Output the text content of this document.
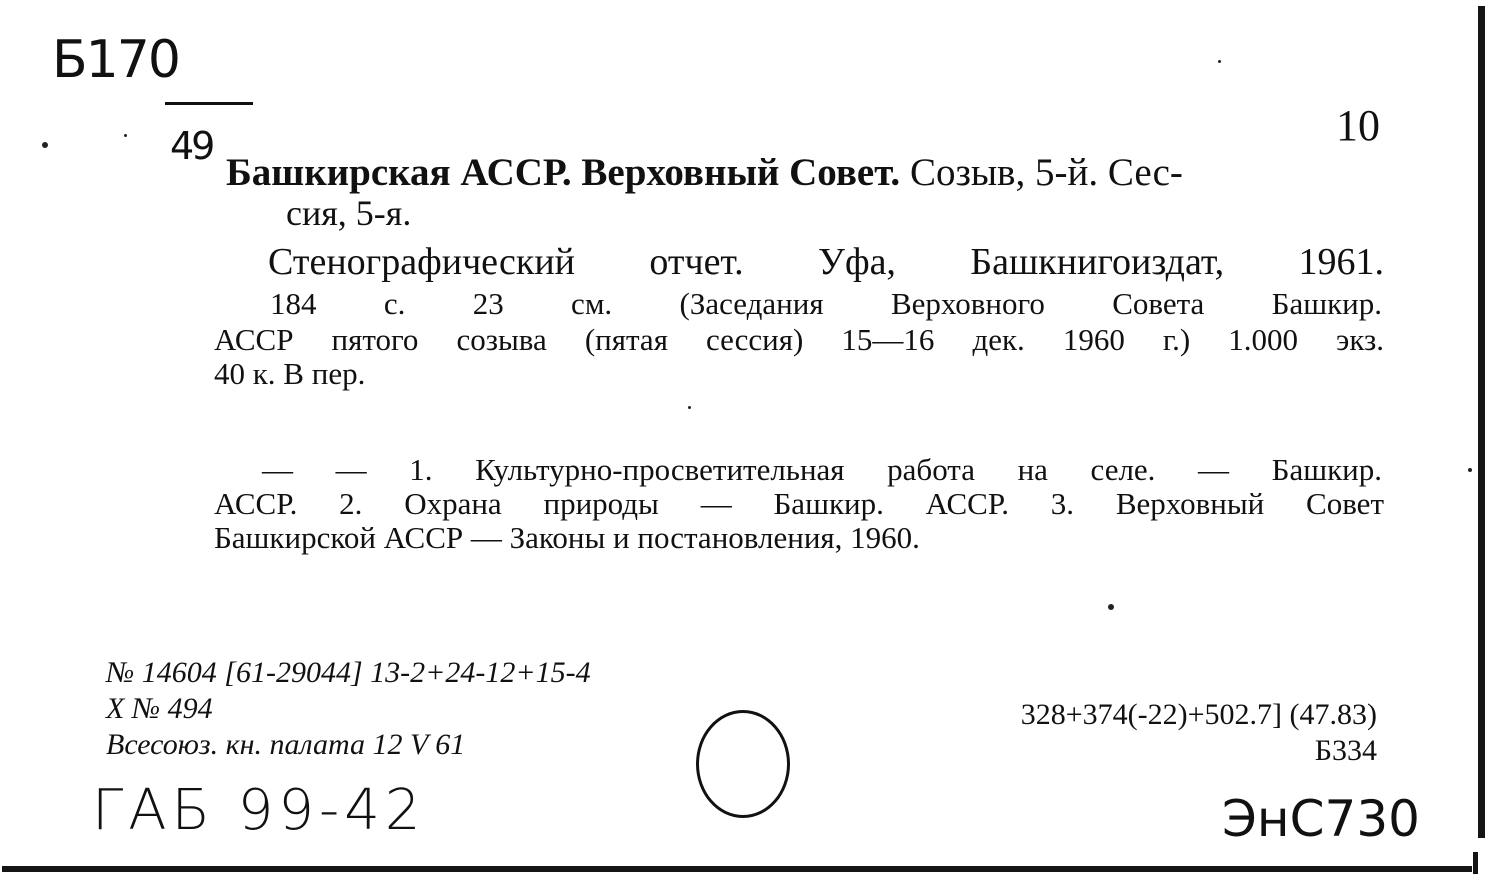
Б170
49	10
Башкирская АССР. Верховный Совет. Созыв, 5-й. Сес-
сия, 5-я.
Стенографический отчет. Уфа, Башкнигоиздат, 1961.
184 с. 23 см. (Заседания Верховного Совета Башкир.
АССР пятого созыва (пятая сессия) 15—16 дек. 1960 г.) 1.000 экз.
40 к. В пер.
— — 1. Культурно-просветительная работа на селе. — Башкир.
АССР. 2. Охрана природы — Башкир. АССР. 3. Верховный Совет
Башкирской АССР — Законы и постановления, 1960.
№ 14604 [61-29044] 13-2+24-12+15-4
X № 494
Всесоюз. кн. палата 12 V 61
328+374(-22)+502.7] (47.83)
Б334
ГАБ 99-42	ЭнС730
